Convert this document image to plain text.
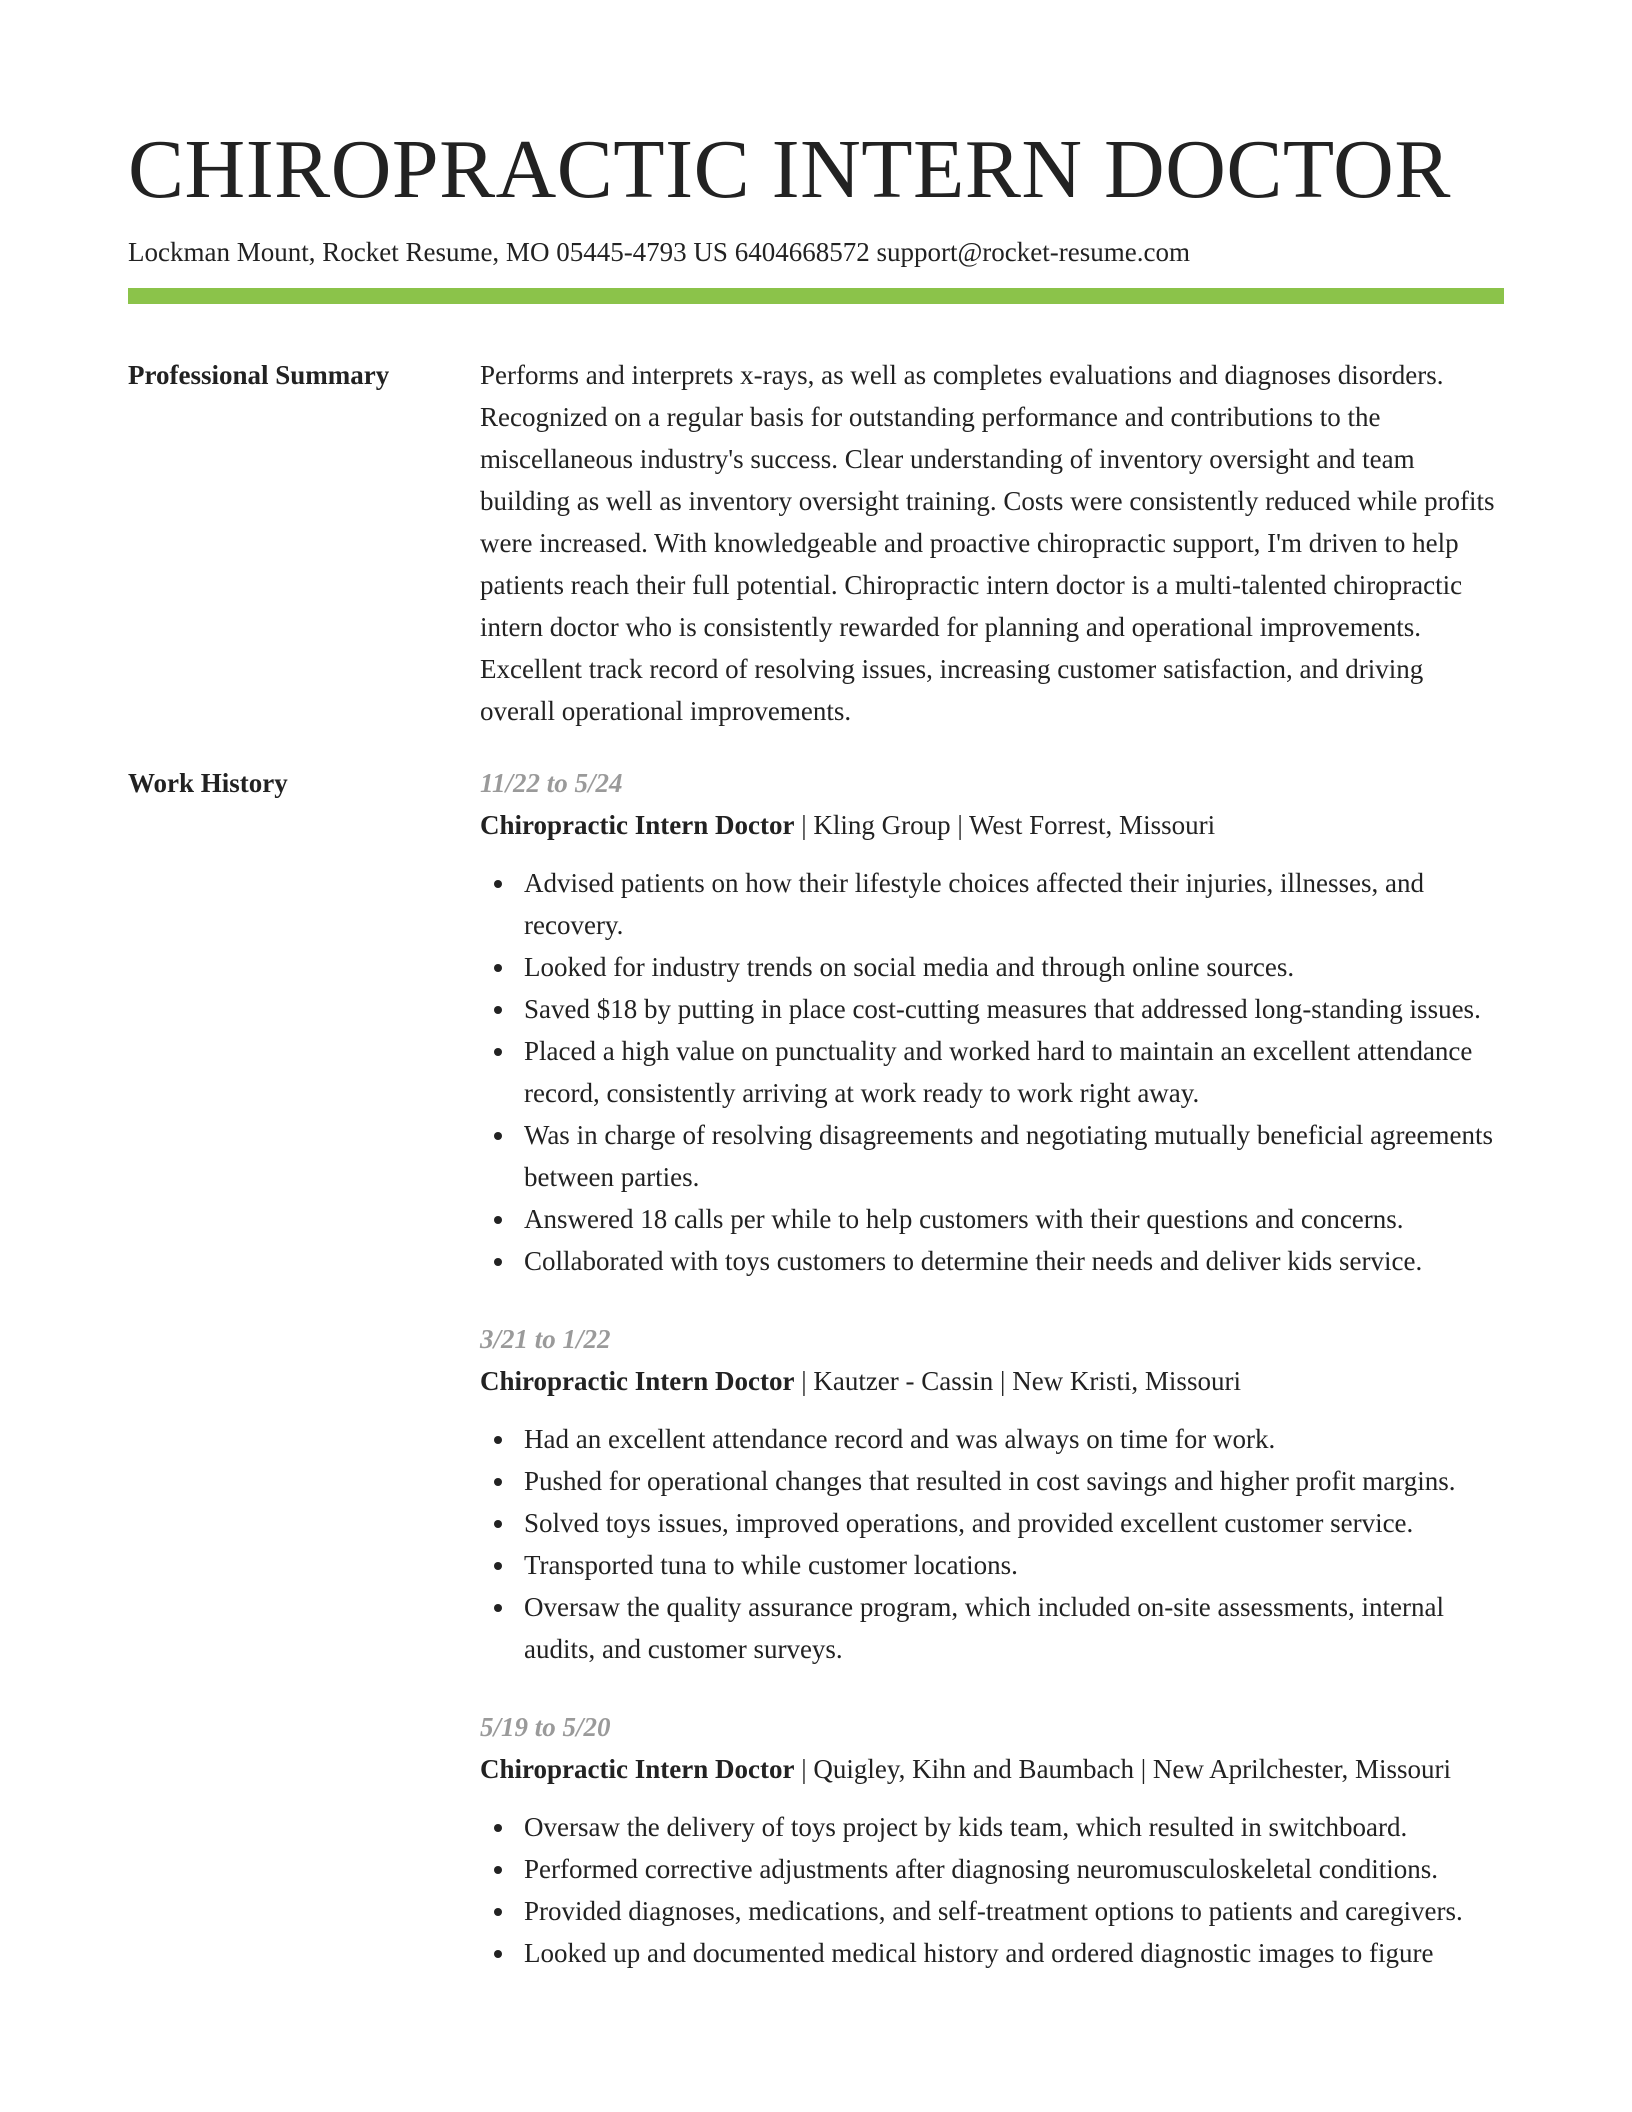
CHIROPRACTIC INTERN DOCTOR
Lockman Mount, Rocket Resume, MO 05445-4793 US 6404668572 support@rocket-resume.com
Professional Summary	Performs and interprets x-rays, as well as completes evaluations and diagnoses disorders. Recognized on a regular basis for outstanding performance and contributions to the miscellaneous industry's success. Clear understanding of inventory oversight and team building as well as inventory oversight training. Costs were consistently reduced while profits were increased. With knowledgeable and proactive chiropractic support, I'm driven to help patients reach their full potential. Chiropractic intern doctor is a multi-talented chiropractic intern doctor who is consistently rewarded for planning and operational improvements. Excellent track record of resolving issues, increasing customer satisfaction, and driving overall operational improvements.

Work History	11/22 to 5/24
Chiropractic Intern Doctor | Kling Group | West Forrest, Missouri
Advised patients on how their lifestyle choices affected their injuries, illnesses, and recovery.
Looked for industry trends on social media and through online sources.
Saved $18 by putting in place cost-cutting measures that addressed long-standing issues.
Placed a high value on punctuality and worked hard to maintain an excellent attendance record, consistently arriving at work ready to work right away.
Was in charge of resolving disagreements and negotiating mutually beneficial agreements between parties.
Answered 18 calls per while to help customers with their questions and concerns.
Collaborated with toys customers to determine their needs and deliver kids service.
3/21 to 1/22
Chiropractic Intern Doctor | Kautzer - Cassin | New Kristi, Missouri
Had an excellent attendance record and was always on time for work.
Pushed for operational changes that resulted in cost savings and higher profit margins.
Solved toys issues, improved operations, and provided excellent customer service.
Transported tuna to while customer locations.
Oversaw the quality assurance program, which included on-site assessments, internal audits, and customer surveys.
5/19 to 5/20
Chiropractic Intern Doctor | Quigley, Kihn and Baumbach | New Aprilchester, Missouri
Oversaw the delivery of toys project by kids team, which resulted in switchboard.
Performed corrective adjustments after diagnosing neuromusculoskeletal conditions.
Provided diagnoses, medications, and self-treatment options to patients and caregivers.
Looked up and documented medical history and ordered diagnostic images to figure
